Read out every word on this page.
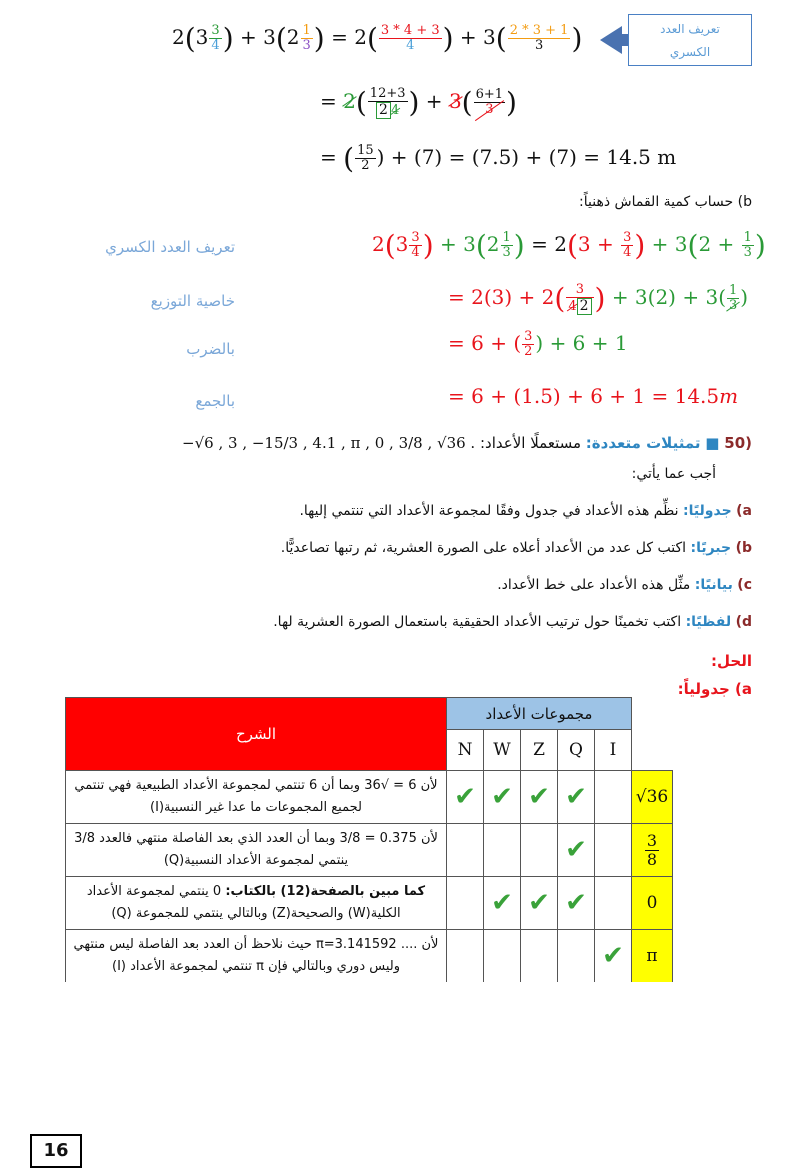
تعريف العدد
الكسري
$2(3 \frac{3}{4}$ ) + $3(2 \frac{1}{3}$ ) = $2( \frac{3 * 4 + 3}{4}$ ) + $3( \frac{2 * 3 + 1}{3}$ )
= $2( \frac{12+3}{2 4}$ ) + $3( \frac{6+1}{3}$ )
= ( $\frac{15}{2}$ ) + (7) = (7.5) + (7) = 14.5 m
b) حساب كمية القماش ذهنياً:
تعريف العدد الكسري	$2(3 \frac{3}{4}$ ) + $3(2 \frac{1}{3}$ ) = $2(3 + \frac{3}{4}$ ) + $3(2 + \frac{1}{3}$ )
خاصية التوزيع	= $2(3) + 2( \frac{3}{4 2}$ ) + $3(2) + 3( \frac{1}{3}$ )
بالضرب	= 6 + ( $\frac{3}{2}$ ) + 6 + 1
بالجمع	= 6 + (1.5) + 6 + 1 = 14.5m
(50 ■ تمثيلات متعددة: مستعملًا الأعداد: ‎−√6 , 3 , −15/3 , 4.1 , π , 0 , 3/8 , √36 .
أجب عما يأتي:
a) جدوليًا: نظِّم هذه الأعداد في جدول وفقًا لمجموعة الأعداد التي تنتمي إليها.
b) جبريًا: اكتب كل عدد من الأعداد أعلاه على الصورة العشرية، ثم رتبها تصاعديًّا.
c) بيانيًا: مثِّل هذه الأعداد على خط الأعداد.
d) لفظيًا: اكتب تخمينًا حول ترتيب الأعداد الحقيقية باستعمال الصورة العشرية لها.
الحل:
a) جدولياً:
الشرح	مجموعات الأعداد					
	N	W	Z	Q	I	
لأن 6 = √36 وبما أن 6 تنتمي لمجموعة الأعداد الطبيعية فهي تنتمي لجميع المجموعات ما عدا غير النسبية(I)	✔	✔	✔	✔		√36
لأن 0.375 = 3/8 وبما أن العدد الذي بعد الفاصلة منتهي فالعدد 3/8 ينتمي لمجموعة الأعداد النسبية(Q)				✔		$\frac{3}{8}$

كما مبين بالصفحة(12) بالكتاب: 0 ينتمي لمجموعة الأعداد الكلية(W) والصحيحة(Z) وبالتالي ينتمي للمجموعة (Q)		✔	✔	✔		0
لأن .... π=3.141592 حيث نلاحظ أن العدد بعد الفاصلة ليس منتهي وليس دوري وبالتالي فإن π تنتمي لمجموعة الأعداد (I)					✔	π
16
